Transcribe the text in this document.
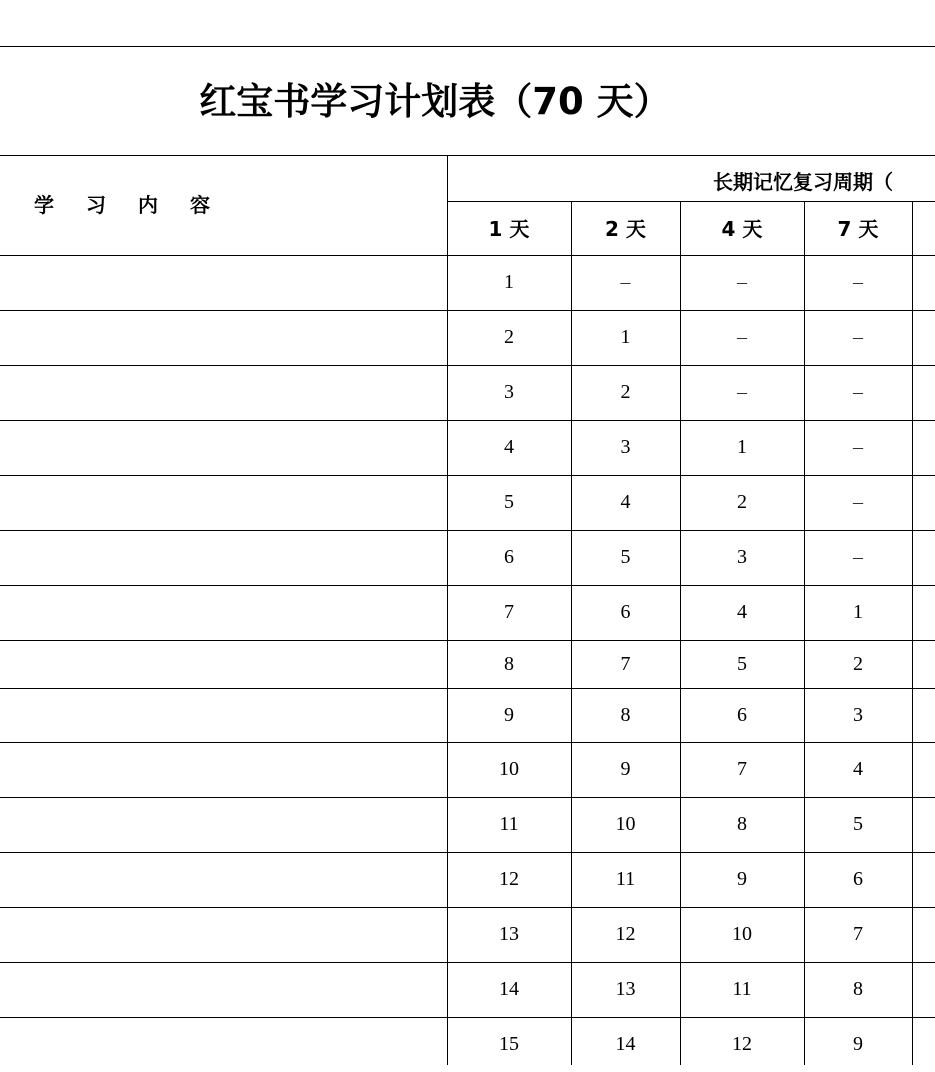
红宝书学习计划表（70 天）
学习内容
长期记忆复习周期（
1 天	2 天	4 天	7 天
1	–	–	–
2	1	–	–
3	2	–	–
4	3	1	–
5	4	2	–
6	5	3	–
7	6	4	1
8	7	5	2
9	8	6	3
10	9	7	4
11	10	8	5
12	11	9	6
13	12	10	7
14	13	11	8
15	14	12	9
